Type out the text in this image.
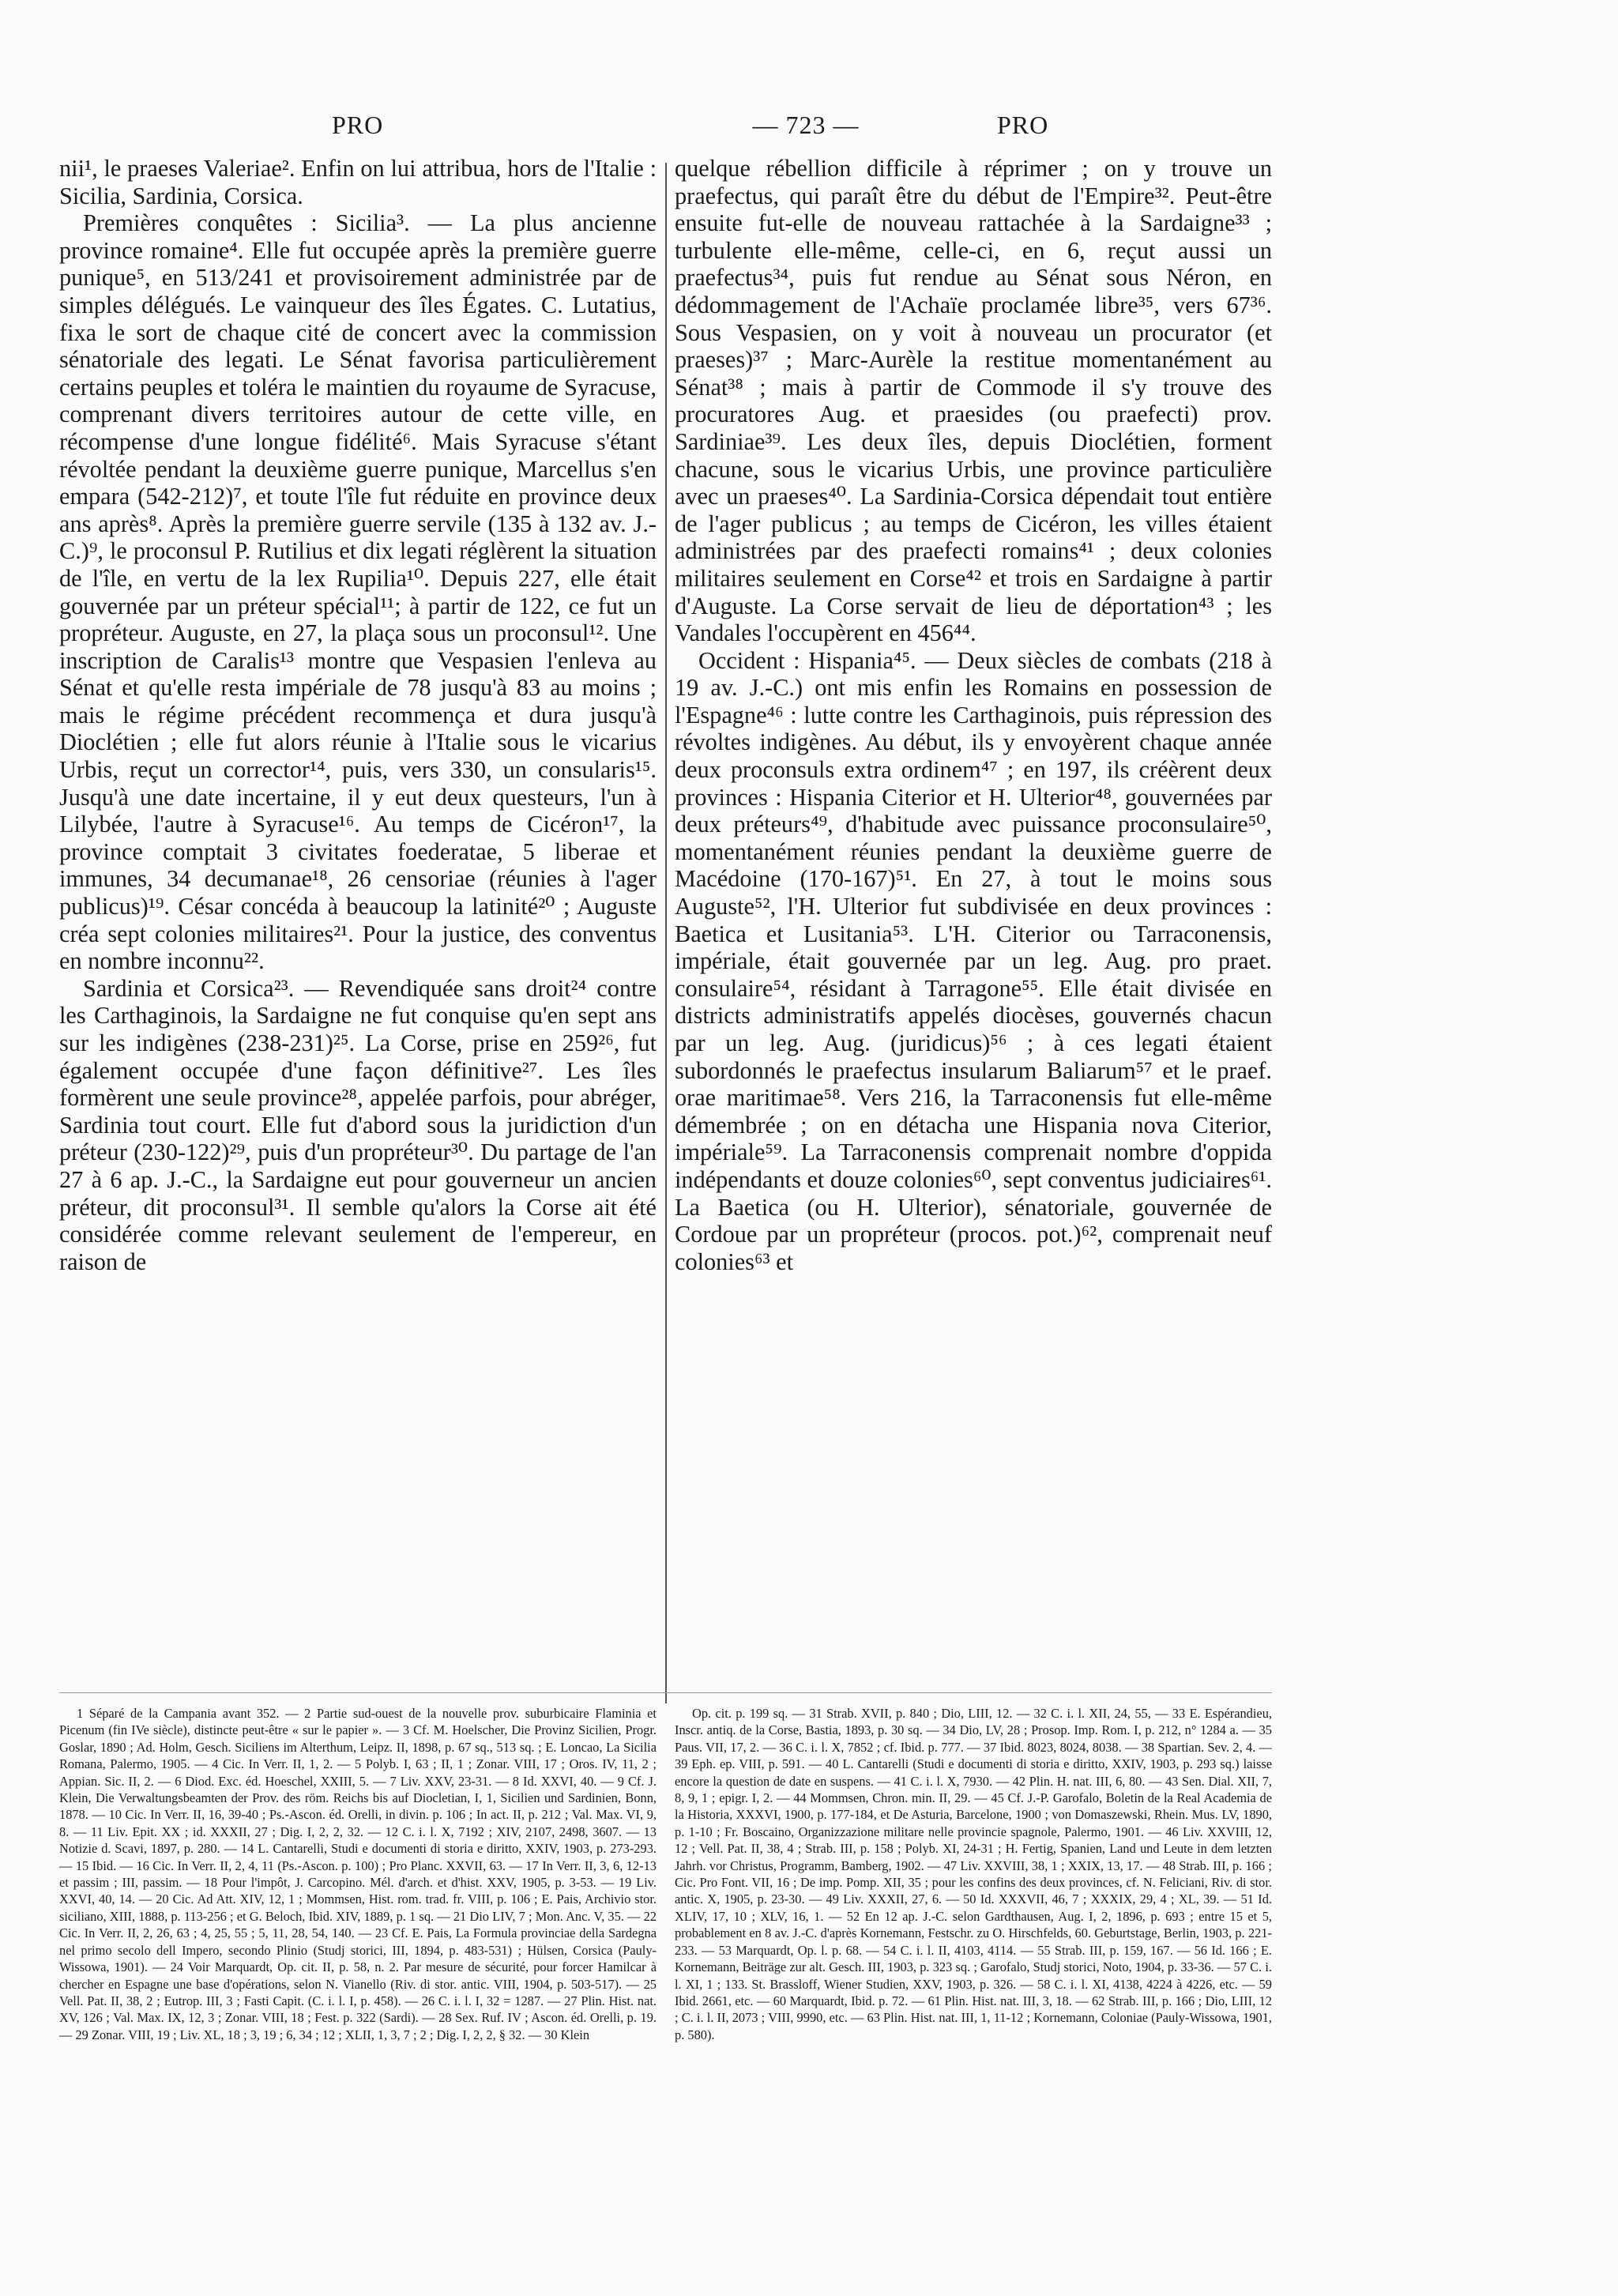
PRO	— 723 —	PRO

nii¹, le praeses Valeriae². Enfin on lui attribua, hors de l'Italie : Sicilia, Sardinia, Corsica.

Premières conquêtes : Sicilia³. — La plus ancienne province romaine⁴. Elle fut occupée après la première guerre punique⁵, en 513/241 et provisoirement administrée par de simples délégués. Le vainqueur des îles Égates. C. Lutatius, fixa le sort de chaque cité de concert avec la commission sénatoriale des legati. Le Sénat favorisa particulièrement certains peuples et toléra le maintien du royaume de Syracuse, comprenant divers territoires autour de cette ville, en récompense d'une longue fidélité⁶. Mais Syracuse s'étant révoltée pendant la deuxième guerre punique, Marcellus s'en empara (542-212)⁷, et toute l'île fut réduite en province deux ans après⁸. Après la première guerre servile (135 à 132 av. J.-C.)⁹, le proconsul P. Rutilius et dix legati réglèrent la situation de l'île, en vertu de la lex Rupilia¹⁰. Depuis 227, elle était gouvernée par un préteur spécial¹¹; à partir de 122, ce fut un propréteur. Auguste, en 27, la plaça sous un proconsul¹². Une inscription de Caralis¹³ montre que Vespasien l'enleva au Sénat et qu'elle resta impériale de 78 jusqu'à 83 au moins ; mais le régime précédent recommença et dura jusqu'à Dioclétien ; elle fut alors réunie à l'Italie sous le vicarius Urbis, reçut un corrector¹⁴, puis, vers 330, un consularis¹⁵. Jusqu'à une date incertaine, il y eut deux questeurs, l'un à Lilybée, l'autre à Syracuse¹⁶. Au temps de Cicéron¹⁷, la province comptait 3 civitates foederatae, 5 liberae et immunes, 34 decumanae¹⁸, 26 censoriae (réunies à l'ager publicus)¹⁹. César concéda à beaucoup la latinité²⁰ ; Auguste créa sept colonies militaires²¹. Pour la justice, des conventus en nombre inconnu²².

Sardinia et Corsica²³. — Revendiquée sans droit²⁴ contre les Carthaginois, la Sardaigne ne fut conquise qu'en sept ans sur les indigènes (238-231)²⁵. La Corse, prise en 259²⁶, fut également occupée d'une façon définitive²⁷. Les îles formèrent une seule province²⁸, appelée parfois, pour abréger, Sardinia tout court. Elle fut d'abord sous la juridiction d'un préteur (230-122)²⁹, puis d'un propréteur³⁰. Du partage de l'an 27 à 6 ap. J.-C., la Sardaigne eut pour gouverneur un ancien préteur, dit proconsul³¹. Il semble qu'alors la Corse ait été considérée comme relevant seulement de l'empereur, en raison de

quelque rébellion difficile à réprimer ; on y trouve un praefectus, qui paraît être du début de l'Empire³². Peut-être ensuite fut-elle de nouveau rattachée à la Sardaigne³³ ; turbulente elle-même, celle-ci, en 6, reçut aussi un praefectus³⁴, puis fut rendue au Sénat sous Néron, en dédommagement de l'Achaïe proclamée libre³⁵, vers 67³⁶. Sous Vespasien, on y voit à nouveau un procurator (et praeses)³⁷ ; Marc-Aurèle la restitue momentanément au Sénat³⁸ ; mais à partir de Commode il s'y trouve des procuratores Aug. et praesides (ou praefecti) prov. Sardiniae³⁹. Les deux îles, depuis Dioclétien, forment chacune, sous le vicarius Urbis, une province particulière avec un praeses⁴⁰. La Sardinia-Corsica dépendait tout entière de l'ager publicus ; au temps de Cicéron, les villes étaient administrées par des praefecti romains⁴¹ ; deux colonies militaires seulement en Corse⁴² et trois en Sardaigne à partir d'Auguste. La Corse servait de lieu de déportation⁴³ ; les Vandales l'occupèrent en 456⁴⁴.

Occident : Hispania⁴⁵. — Deux siècles de combats (218 à 19 av. J.-C.) ont mis enfin les Romains en possession de l'Espagne⁴⁶ : lutte contre les Carthaginois, puis répression des révoltes indigènes. Au début, ils y envoyèrent chaque année deux proconsuls extra ordinem⁴⁷ ; en 197, ils créèrent deux provinces : Hispania Citerior et H. Ulterior⁴⁸, gouvernées par deux préteurs⁴⁹, d'habitude avec puissance proconsulaire⁵⁰, momentanément réunies pendant la deuxième guerre de Macédoine (170-167)⁵¹. En 27, à tout le moins sous Auguste⁵², l'H. Ulterior fut subdivisée en deux provinces : Baetica et Lusitania⁵³. L'H. Citerior ou Tarraconensis, impériale, était gouvernée par un leg. Aug. pro praet. consulaire⁵⁴, résidant à Tarragone⁵⁵. Elle était divisée en districts administratifs appelés diocèses, gouvernés chacun par un leg. Aug. (juridicus)⁵⁶ ; à ces legati étaient subordonnés le praefectus insularum Baliarum⁵⁷ et le praef. orae maritimae⁵⁸. Vers 216, la Tarraconensis fut elle-même démembrée ; on en détacha une Hispania nova Citerior, impériale⁵⁹. La Tarraconensis comprenait nombre d'oppida indépendants et douze colonies⁶⁰, sept conventus judiciaires⁶¹. La Baetica (ou H. Ulterior), sénatoriale, gouvernée de Cordoue par un propréteur (procos. pot.)⁶², comprenait neuf colonies⁶³ et

1 Séparé de la Campania avant 352. — 2 Partie sud-ouest de la nouvelle prov. suburbicaire Flaminia et Picenum (fin IVe siècle), distincte peut-être « sur le papier ». — 3 Cf. M. Hoelscher, Die Provinz Sicilien, Progr. Goslar, 1890 ; Ad. Holm, Gesch. Siciliens im Alterthum, Leipz. II, 1898, p. 67 sq., 513 sq. ; E. Loncao, La Sicilia Romana, Palermo, 1905. — 4 Cic. In Verr. II, 1, 2. — 5 Polyb. I, 63 ; II, 1 ; Zonar. VIII, 17 ; Oros. IV, 11, 2 ; Appian. Sic. II, 2. — 6 Diod. Exc. éd. Hoeschel, XXIII, 5. — 7 Liv. XXV, 23-31. — 8 Id. XXVI, 40. — 9 Cf. J. Klein, Die Verwaltungsbeamten der Prov. des röm. Reichs bis auf Diocletian, I, 1, Sicilien und Sardinien, Bonn, 1878. — 10 Cic. In Verr. II, 16, 39-40 ; Ps.-Ascon. éd. Orelli, in divin. p. 106 ; In act. II, p. 212 ; Val. Max. VI, 9, 8. — 11 Liv. Epit. XX ; id. XXXII, 27 ; Dig. I, 2, 2, 32. — 12 C. i. l. X, 7192 ; XIV, 2107, 2498, 3607. — 13 Notizie d. Scavi, 1897, p. 280. — 14 L. Cantarelli, Studi e documenti di storia e diritto, XXIV, 1903, p. 273-293. — 15 Ibid. — 16 Cic. In Verr. II, 2, 4, 11 (Ps.-Ascon. p. 100) ; Pro Planc. XXVII, 63. — 17 In Verr. II, 3, 6, 12-13 et passim ; III, passim. — 18 Pour l'impôt, J. Carcopino. Mél. d'arch. et d'hist. XXV, 1905, p. 3-53. — 19 Liv. XXVI, 40, 14. — 20 Cic. Ad Att. XIV, 12, 1 ; Mommsen, Hist. rom. trad. fr. VIII, p. 106 ; E. Pais, Archivio stor. siciliano, XIII, 1888, p. 113-256 ; et G. Beloch, Ibid. XIV, 1889, p. 1 sq. — 21 Dio LIV, 7 ; Mon. Anc. V, 35. — 22 Cic. In Verr. II, 2, 26, 63 ; 4, 25, 55 ; 5, 11, 28, 54, 140. — 23 Cf. E. Pais, La Formula provinciae della Sardegna nel primo secolo dell Impero, secondo Plinio (Studj storici, III, 1894, p. 483-531) ; Hülsen, Corsica (Pauly-Wissowa, 1901). — 24 Voir Marquardt, Op. cit. II, p. 58, n. 2. Par mesure de sécurité, pour forcer Hamilcar à chercher en Espagne une base d'opérations, selon N. Vianello (Riv. di stor. antic. VIII, 1904, p. 503-517). — 25 Vell. Pat. II, 38, 2 ; Eutrop. III, 3 ; Fasti Capit. (C. i. l. I, p. 458). — 26 C. i. l. I, 32 = 1287. — 27 Plin. Hist. nat. XV, 126 ; Val. Max. IX, 12, 3 ; Zonar. VIII, 18 ; Fest. p. 322 (Sardi). — 28 Sex. Ruf. IV ; Ascon. éd. Orelli, p. 19. — 29 Zonar. VIII, 19 ; Liv. XL, 18 ; 3, 19 ; 6, 34 ; 12 ; XLII, 1, 3, 7 ; 2 ; Dig. I, 2, 2, § 32. — 30 Klein

Op. cit. p. 199 sq. — 31 Strab. XVII, p. 840 ; Dio, LIII, 12. — 32 C. i. l. XII, 24, 55, — 33 E. Espérandieu, Inscr. antiq. de la Corse, Bastia, 1893, p. 30 sq. — 34 Dio, LV, 28 ; Prosop. Imp. Rom. I, p. 212, n° 1284 a. — 35 Paus. VII, 17, 2. — 36 C. i. l. X, 7852 ; cf. Ibid. p. 777. — 37 Ibid. 8023, 8024, 8038. — 38 Spartian. Sev. 2, 4. — 39 Eph. ep. VIII, p. 591. — 40 L. Cantarelli (Studi e documenti di storia e diritto, XXIV, 1903, p. 293 sq.) laisse encore la question de date en suspens. — 41 C. i. l. X, 7930. — 42 Plin. H. nat. III, 6, 80. — 43 Sen. Dial. XII, 7, 8, 9, 1 ; epigr. I, 2. — 44 Mommsen, Chron. min. II, 29. — 45 Cf. J.-P. Garofalo, Boletin de la Real Academia de la Historia, XXXVI, 1900, p. 177-184, et De Asturia, Barcelone, 1900 ; von Domaszewski, Rhein. Mus. LV, 1890, p. 1-10 ; Fr. Boscaino, Organizzazione militare nelle provincie spagnole, Palermo, 1901. — 46 Liv. XXVIII, 12, 12 ; Vell. Pat. II, 38, 4 ; Strab. III, p. 158 ; Polyb. XI, 24-31 ; H. Fertig, Spanien, Land und Leute in dem letzten Jahrh. vor Christus, Programm, Bamberg, 1902. — 47 Liv. XXVIII, 38, 1 ; XXIX, 13, 17. — 48 Strab. III, p. 166 ; Cic. Pro Font. VII, 16 ; De imp. Pomp. XII, 35 ; pour les confins des deux provinces, cf. N. Feliciani, Riv. di stor. antic. X, 1905, p. 23-30. — 49 Liv. XXXII, 27, 6. — 50 Id. XXXVII, 46, 7 ; XXXIX, 29, 4 ; XL, 39. — 51 Id. XLIV, 17, 10 ; XLV, 16, 1. — 52 En 12 ap. J.-C. selon Gardthausen, Aug. I, 2, 1896, p. 693 ; entre 15 et 5, probablement en 8 av. J.-C. d'après Kornemann, Festschr. zu O. Hirschfelds, 60. Geburtstage, Berlin, 1903, p. 221-233. — 53 Marquardt, Op. l. p. 68. — 54 C. i. l. II, 4103, 4114. — 55 Strab. III, p. 159, 167. — 56 Id. 166 ; E. Kornemann, Beiträge zur alt. Gesch. III, 1903, p. 323 sq. ; Garofalo, Studj storici, Noto, 1904, p. 33-36. — 57 C. i. l. XI, 1 ; 133. St. Brassloff, Wiener Studien, XXV, 1903, p. 326. — 58 C. i. l. XI, 4138, 4224 à 4226, etc. — 59 Ibid. 2661, etc. — 60 Marquardt, Ibid. p. 72. — 61 Plin. Hist. nat. III, 3, 18. — 62 Strab. III, p. 166 ; Dio, LIII, 12 ; C. i. l. II, 2073 ; VIII, 9990, etc. — 63 Plin. Hist. nat. III, 1, 11-12 ; Kornemann, Coloniae (Pauly-Wissowa, 1901, p. 580).
